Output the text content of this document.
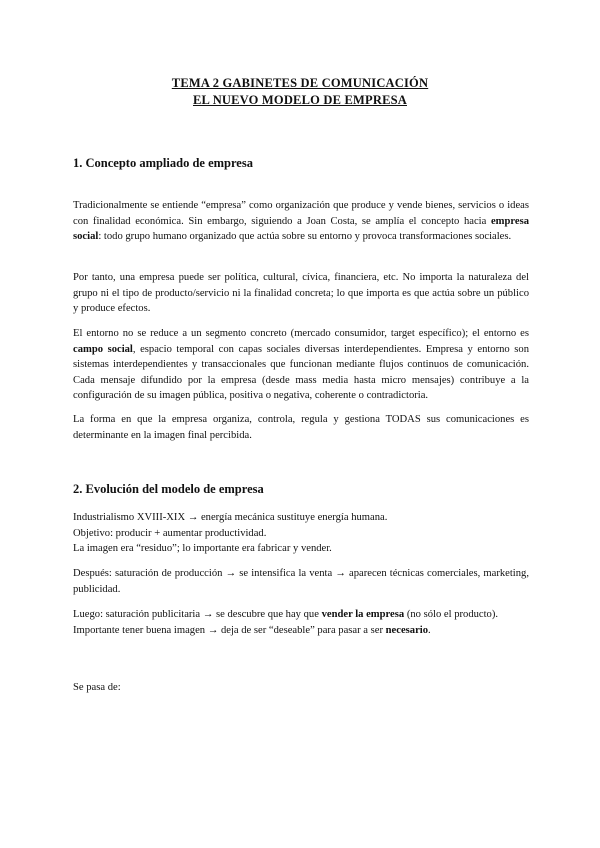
TEMA 2 GABINETES DE COMUNICACIÓN
EL NUEVO MODELO DE EMPRESA
1. Concepto ampliado de empresa

Tradicionalmente se entiende “empresa” como organización que produce y vende bienes, servicios o ideas con finalidad económica. Sin embargo, siguiendo a Joan Costa, se amplía el concepto hacia empresa social: todo grupo humano organizado que actúa sobre su entorno y provoca transformaciones sociales.

Por tanto, una empresa puede ser política, cultural, cívica, financiera, etc. No importa la naturaleza del grupo ni el tipo de producto/servicio ni la finalidad concreta; lo que importa es que actúa sobre un público y produce efectos.

El entorno no se reduce a un segmento concreto (mercado consumidor, target específico); el entorno es campo social, espacio temporal con capas sociales diversas interdependientes. Empresa y entorno son sistemas interdependientes y transaccionales que funcionan mediante flujos continuos de comunicación. Cada mensaje difundido por la empresa (desde mass media hasta micro mensajes) contribuye a la configuración de su imagen pública, positiva o negativa, coherente o contradictoria.

La forma en que la empresa organiza, controla, regula y gestiona TODAS sus comunicaciones es determinante en la imagen final percibida.

2. Evolución del modelo de empresa

Industrialismo XVIII-XIX → energía mecánica sustituye energía humana.
Objetivo: producir + aumentar productividad.
La imagen era “residuo”; lo importante era fabricar y vender.

Después: saturación de producción → se intensifica la venta → aparecen técnicas comerciales, marketing, publicidad.

Luego: saturación publicitaria → se descubre que hay que vender la empresa (no sólo el producto).
Importante tener buena imagen → deja de ser “deseable” para pasar a ser necesario.

Se pasa de:
